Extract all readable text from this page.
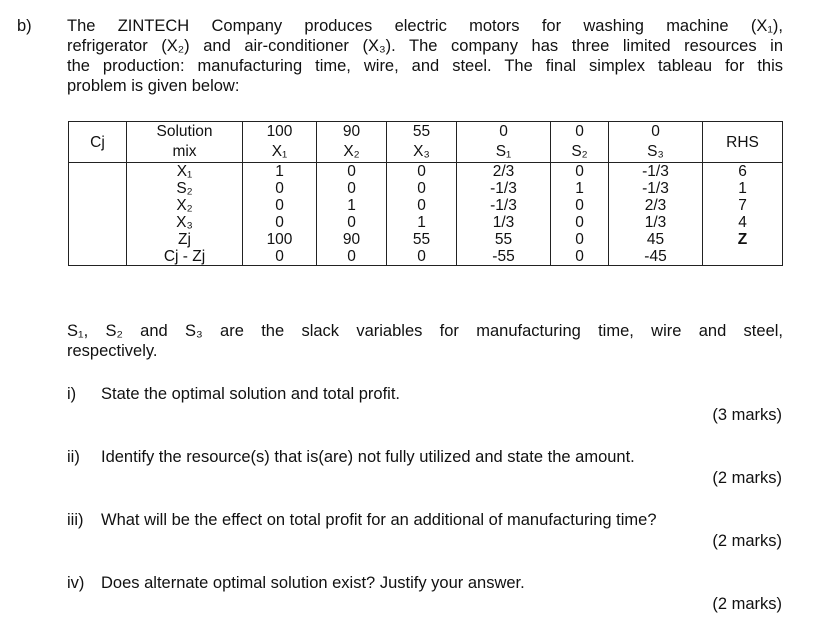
b) The ZINTECH Company produces electric motors for washing machine (X₁),
refrigerator (X₂) and air-conditioner (X₃). The company has three limited resources in
the production: manufacturing time, wire, and steel. The final simplex tableau for this
problem is given below:
Cj	Solution	100	90	55	0	0	0	RHS
	mix	X₁	X₂	X₃	S₁	S₂	S₃	
	X₁	1	0	0	2/3	0	-1/3	6
	S₂	0	0	0	-1/3	1	-1/3	1
	X₂	0	1	0	-1/3	0	2/3	7
	X₃	0	0	1	1/3	0	1/3	4
	Zj	100	90	55	55	0	45	Z
	Cj - Zj	0	0	0	-55	0	-45	
S₁, S₂ and S₃ are the slack variables for manufacturing time, wire and steel,
respectively.
i) State the optimal solution and total profit.
(3 marks)
ii) Identify the resource(s) that is(are) not fully utilized and state the amount.
(2 marks)
iii) What will be the effect on total profit for an additional of manufacturing time?
(2 marks)
iv) Does alternate optimal solution exist? Justify your answer.
(2 marks)
